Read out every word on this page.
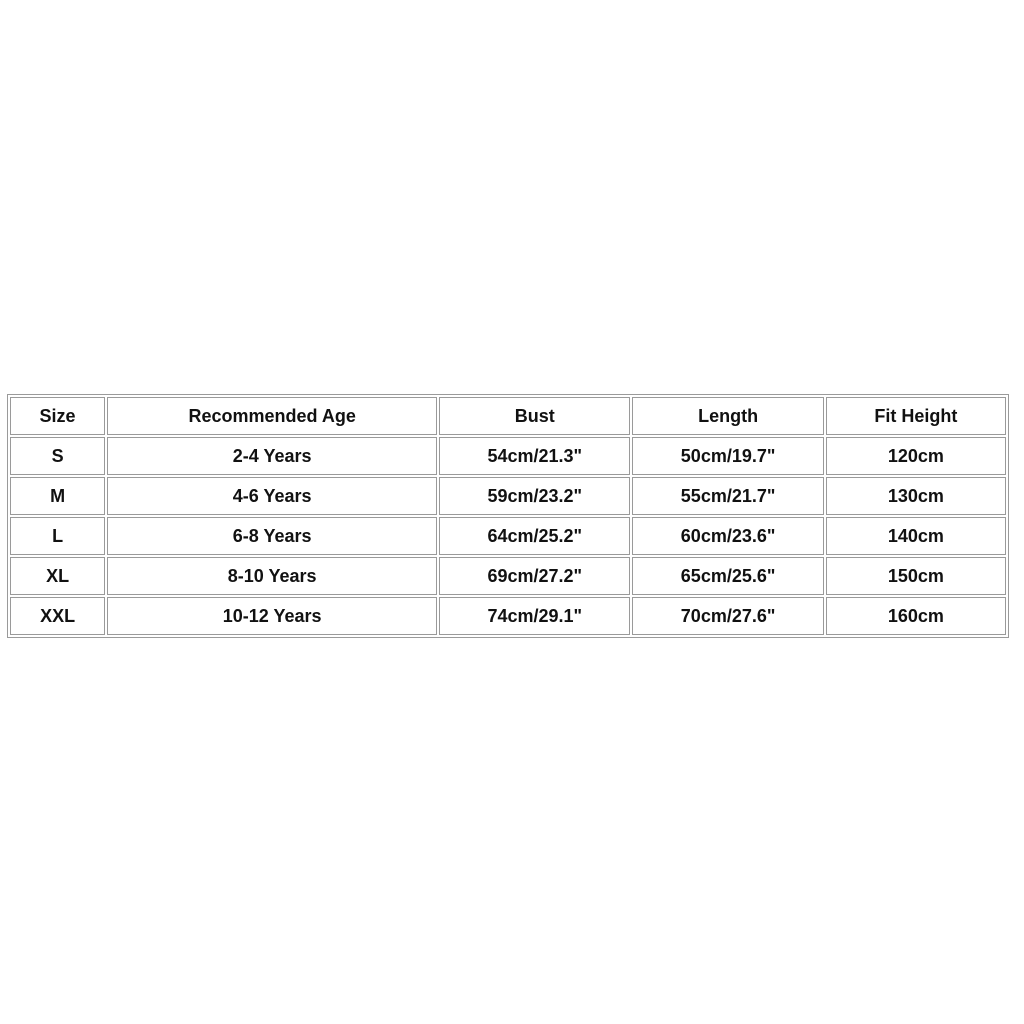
Size	Recommended Age	Bust	Length	Fit Height
S	2-4 Years	54cm/21.3"	50cm/19.7"	120cm
M	4-6 Years	59cm/23.2"	55cm/21.7"	130cm
L	6-8 Years	64cm/25.2"	60cm/23.6"	140cm
XL	8-10 Years	69cm/27.2"	65cm/25.6"	150cm
XXL	10-12 Years	74cm/29.1"	70cm/27.6"	160cm
